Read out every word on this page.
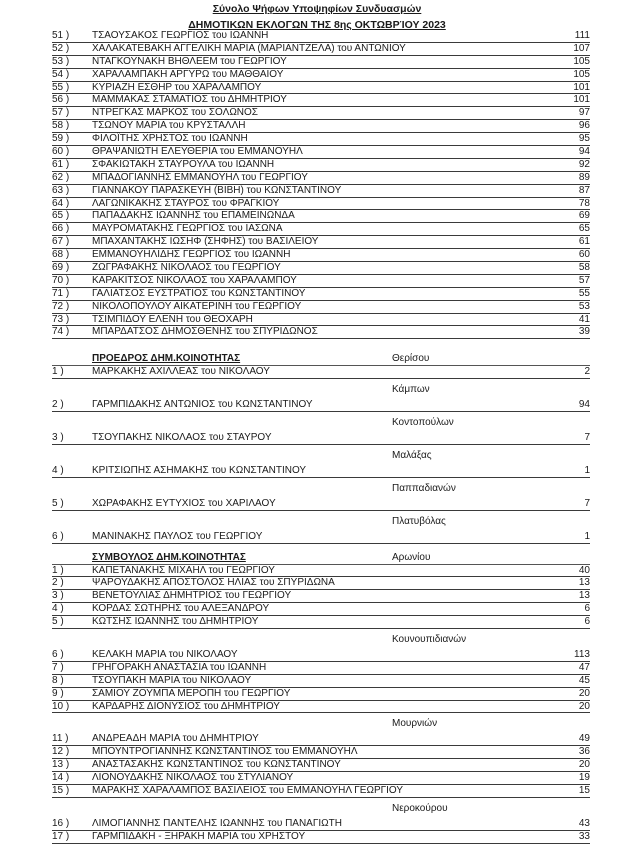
Σύνολο Ψήφων Υποψηφίων Συνδυασμών
ΔΗΜΟΤΙΚΩΝ ΕΚΛΟΓΩΝ ΤΗΣ 8ης ΟΚΤΩΒΡΊΟΥ 2023
51 ) ΤΣΑΟΥΣΑΚΟΣ ΓΕΩΡΓΙΟΣ του ΙΩΑΝΝΗ	111
52 ) ΧΑΛΑΚΑΤΕΒΑΚΗ ΑΓΓΕΛΙΚΗ ΜΑΡΙΑ (ΜΑΡΙΑΝΤΖΕΛΑ) του ΑΝΤΩΝΙΟΥ	107
53 ) ΝΤΑΓΚΟΥΝΑΚΗ ΒΗΘΛΕΕΜ του ΓΕΩΡΓΙΟΥ	105
54 ) ΧΑΡΑΛΑΜΠΑΚΗ ΑΡΓΥΡΩ του ΜΑΘΘΑΙΟΥ	105
55 ) ΚΥΡΙΑΖΗ ΕΣΘΗΡ του ΧΑΡΑΛΑΜΠΟΥ	101
56 ) ΜΑΜΜΑΚΑΣ ΣΤΑΜΑΤΙΟΣ του ΔΗΜΗΤΡΙΟΥ	101
57 ) ΝΤΡΕΓΚΑΣ ΜΑΡΚΟΣ του ΣΟΛΩΝΟΣ	97
58 ) ΤΣΩΝΟΥ ΜΑΡΙΑ του ΚΡΥΣΤΑΛΛΗ	96
59 ) ΦΙΛΟΪΤΗΣ ΧΡΗΣΤΟΣ του ΙΩΑΝΝΗ	95
60 ) ΘΡΑΨΑΝΙΩΤΗ ΕΛΕΥΘΕΡΙΑ του ΕΜΜΑΝΟΥΗΛ	94
61 ) ΣΦΑΚΙΩΤΑΚΗ ΣΤΑΥΡΟΥΛΑ του ΙΩΑΝΝΗ	92
62 ) ΜΠΑΔΟΓΙΑΝΝΗΣ ΕΜΜΑΝΟΥΗΛ του ΓΕΩΡΓΙΟΥ	89
63 ) ΓΙΑΝΝΑΚΟΥ ΠΑΡΑΣΚΕΥΗ (ΒΙΒΗ) του ΚΩΝΣΤΑΝΤΙΝΟΥ	87
64 ) ΛΑΓΩΝΙΚΑΚΗΣ ΣΤΑΥΡΟΣ του ΦΡΑΓΚΙΟΥ	78
65 ) ΠΑΠΑΔΑΚΗΣ ΙΩΑΝΝΗΣ του ΕΠΑΜΕΙΝΩΝΔΑ	69
66 ) ΜΑΥΡΟΜΑΤΑΚΗΣ ΓΕΩΡΓΙΟΣ του ΙΑΣΩΝΑ	65
67 ) ΜΠΑΧΑΝΤΑΚΗΣ ΙΩΣΗΦ (ΣΗΦΗΣ) του ΒΑΣΙΛΕΙΟΥ	61
68 ) ΕΜΜΑΝΟΥΗΛΙΔΗΣ ΓΕΩΡΓΙΟΣ του ΙΩΑΝΝΗ	60
69 ) ΖΩΓΡΑΦΑΚΗΣ ΝΙΚΟΛΑΟΣ του ΓΕΩΡΓΙΟΥ	58
70 ) ΚΑΡΑΚΙΤΣΟΣ ΝΙΚΟΛΑΟΣ του ΧΑΡΑΛΑΜΠΟΥ	57
71 ) ΓΑΛΙΑΤΣΟΣ ΕΥΣΤΡΑΤΙΟΣ του ΚΩΝΣΤΑΝΤΙΝΟΥ	55
72 ) ΝΙΚΟΛΟΠΟΥΛΟΥ ΑΙΚΑΤΕΡΙΝΗ του ΓΕΩΡΓΙΟΥ	53
73 ) ΤΣΙΜΠΙΔΟΥ ΕΛΕΝΗ του ΘΕΟΧΑΡΗ	41
74 ) ΜΠΑΡΔΑΤΣΟΣ ΔΗΜΟΣΘΕΝΗΣ του ΣΠΥΡΙΔΩΝΟΣ	39
ΠΡΟΕΔΡΟΣ ΔΗΜ.ΚΟΙΝΟΤΗΤΑΣ	Θερίσου
1 )	ΜΑΡΚΑΚΗΣ ΑΧΙΛΛΕΑΣ του ΝΙΚΟΛΑΟΥ	2
Κάμπων
2 )	ΓΑΡΜΠΙΔΑΚΗΣ ΑΝΤΩΝΙΟΣ του ΚΩΝΣΤΑΝΤΙΝΟΥ	94
Κοντοπούλων
3 )	ΤΣΟΥΠΑΚΗΣ ΝΙΚΟΛΑΟΣ του ΣΤΑΥΡΟΥ	7
Μαλάξας
4 )	ΚΡΙΤΣΙΩΠΗΣ ΑΣΗΜΑΚΗΣ του ΚΩΝΣΤΑΝΤΙΝΟΥ	1
Παππαδιανών
5 )	ΧΩΡΑΦΑΚΗΣ ΕΥΤΥΧΙΟΣ του ΧΑΡΙΛΑΟΥ	7
Πλατυβόλας
6 )	ΜΑΝΙΝΑΚΗΣ ΠΑΥΛΟΣ του ΓΕΩΡΓΙΟΥ	1
ΣΥΜΒΟΥΛΟΣ ΔΗΜ.ΚΟΙΝΟΤΗΤΑΣ	Αρωνίου
1 )	ΚΑΠΕΤΑΝΑΚΗΣ ΜΙΧΑΗΛ του ΓΕΩΡΓΙΟΥ	40
2 )	ΨΑΡΟΥΔΑΚΗΣ ΑΠΟΣΤΟΛΟΣ ΗΛΙΑΣ του ΣΠΥΡΙΔΩΝΑ	13
3 )	ΒΕΝΕΤΟΥΛΙΑΣ ΔΗΜΗΤΡΙΟΣ του ΓΕΩΡΓΙΟΥ	13
4 )	ΚΟΡΔΑΣ ΣΩΤΗΡΗΣ του ΑΛΕΞΑΝΔΡΟΥ	6
5 )	ΚΩΤΣΗΣ ΙΩΑΝΝΗΣ του ΔΗΜΗΤΡΙΟΥ	6
Κουνουπιδιανών
6 )	ΚΕΛΑΚΗ ΜΑΡΙΑ του ΝΙΚΟΛΑΟΥ	113
7 )	ΓΡΗΓΟΡΑΚΗ ΑΝΑΣΤΑΣΙΑ του ΙΩΑΝΝΗ	47
8 )	ΤΣΟΥΠΑΚΗ ΜΑΡΙΑ του ΝΙΚΟΛΑΟΥ	45
9 )	ΣΑΜΙΟΥ ΖΟΥΜΠΑ ΜΕΡΟΠΗ του ΓΕΩΡΓΙΟΥ	20
10 ) ΚΑΡΔΑΡΗΣ ΔΙΟΝΥΣΙΟΣ του ΔΗΜΗΤΡΙΟΥ	20
Μουρνιών
11 ) ΑΝΔΡΕΑΔΗ ΜΑΡΙΑ του ΔΗΜΗΤΡΙΟΥ	49
12 ) ΜΠΟΥΝΤΡΟΓΙΑΝΝΗΣ ΚΩΝΣΤΑΝΤΙΝΟΣ του ΕΜΜΑΝΟΥΗΛ	36
13 ) ΑΝΑΣΤΑΣΑΚΗΣ ΚΩΝΣΤΑΝΤΙΝΟΣ του ΚΩΝΣΤΑΝΤΙΝΟΥ	20
14 ) ΛΙΟΝΟΥΔΑΚΗΣ ΝΙΚΟΛΑΟΣ του ΣΤΥΛΙΑΝΟΥ	19
15 ) ΜΑΡΑΚΗΣ ΧΑΡΑΛΑΜΠΟΣ ΒΑΣΙΛΕΙΟΣ του ΕΜΜΑΝΟΥΗΛ ΓΕΩΡΓΙΟΥ	15
Νεροκούρου
16 ) ΛΙΜΟΓΙΑΝΝΗΣ ΠΑΝΤΕΛΗΣ ΙΩΑΝΝΗΣ του ΠΑΝΑΓΙΩΤΗ	43
17 ) ΓΑΡΜΠΙΔΑΚΗ - ΞΗΡΑΚΗ ΜΑΡΙΑ του ΧΡΗΣΤΟΥ	33
